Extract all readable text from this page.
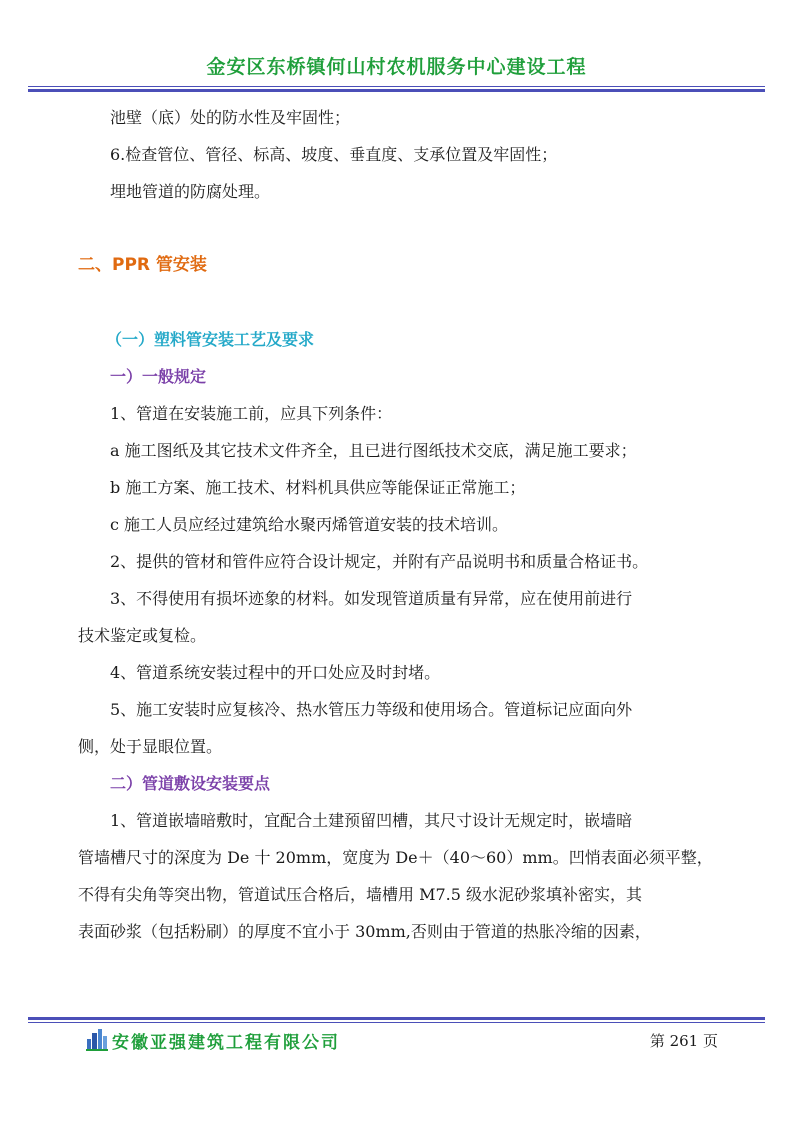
金安区东桥镇何山村农机服务中心建设工程

池壁（底）处的防水性及牢固性；

6.检查管位、管径、标高、坡度、垂直度、支承位置及牢固性；

埋地管道的防腐处理。

二、PPR 管安装

（一）塑料管安装工艺及要求

一）一般规定

1、管道在安装施工前，应具下列条件：

a 施工图纸及其它技术文件齐全，且已进行图纸技术交底，满足施工要求；

b 施工方案、施工技术、材料机具供应等能保证正常施工；

c 施工人员应经过建筑给水聚丙烯管道安装的技术培训。

2、提供的管材和管件应符合设计规定，并附有产品说明书和质量合格证书。

3、不得使用有损坏迹象的材料。如发现管道质量有异常，应在使用前进行

技术鉴定或复检。

4、管道系统安装过程中的开口处应及时封堵。

5、施工安装时应复核冷、热水管压力等级和使用场合。管道标记应面向外

侧，处于显眼位置。

二）管道敷设安装要点

1、管道嵌墙暗敷时，宜配合土建预留凹槽，其尺寸设计无规定时，嵌墙暗

管墙槽尺寸的深度为 De 十 20mm，宽度为 De＋（40～60）mm。凹悄表面必须平整，

不得有尖角等突出物，管道试压合格后，墙槽用 M7.5 级水泥砂浆填补密实，其

表面砂浆（包括粉刷）的厚度不宜小于 30mm,否则由于管道的热胀冷缩的因素，

安徽亚强建筑工程有限公司	第 261 页
